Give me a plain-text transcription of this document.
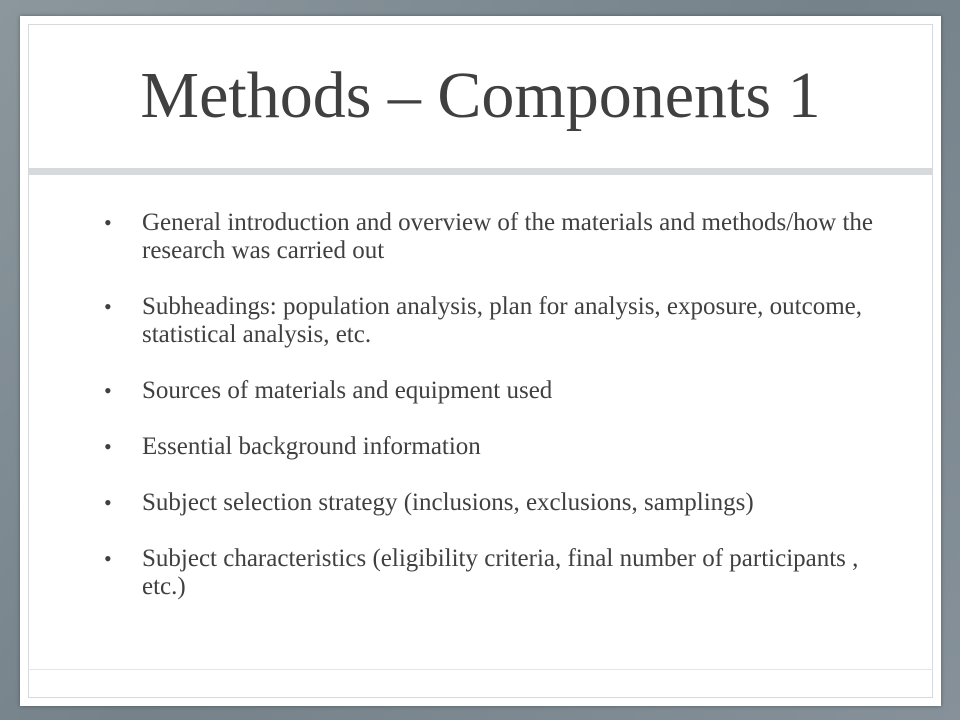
Methods – Components 1
• General introduction and overview of the materials and methods/how the research was carried out
• Subheadings: population analysis, plan for analysis, exposure, outcome, statistical analysis, etc.
• Sources of materials and equipment used
• Essential background information
• Subject selection strategy (inclusions, exclusions, samplings)
• Subject characteristics (eligibility criteria, final number of participants , etc.)
